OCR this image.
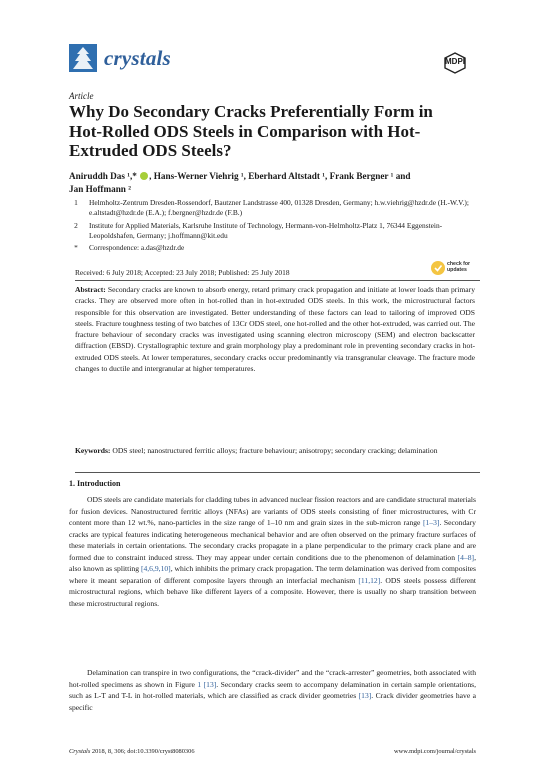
crystals	MDPI
Article
Why Do Secondary Cracks Preferentially Form in Hot-Rolled ODS Steels in Comparison with Hot-Extruded ODS Steels?
Aniruddh Das ¹,* , Hans-Werner Viehrig ¹, Eberhard Altstadt ¹, Frank Bergner ¹ and
Jan Hoffmann ²
1	Helmholtz-Zentrum Dresden-Rossendorf, Bautzner Landstrasse 400, 01328 Dresden, Germany; h.w.viehrig@hzdr.de (H.-W.V.); e.altstadt@hzdr.de (E.A.); f.bergner@hzdr.de (F.B.)
2	Institute for Applied Materials, Karlsruhe Institute of Technology, Hermann-von-Helmholtz-Platz 1, 76344 Eggenstein-Leopoldshafen, Germany; j.hoffmann@kit.edu
*	Correspondence: a.das@hzdr.de
check for updates
Received: 6 July 2018; Accepted: 23 July 2018; Published: 25 July 2018
Abstract: Secondary cracks are known to absorb energy, retard primary crack propagation and initiate at lower loads than primary cracks. They are observed more often in hot-rolled than in hot-extruded ODS steels. In this work, the microstructural factors responsible for this observation are investigated. Better understanding of these factors can lead to tailoring of improved ODS steels. Fracture toughness testing of two batches of 13Cr ODS steel, one hot-rolled and the other hot-extruded, was carried out. The fracture behaviour of secondary cracks was investigated using scanning electron microscopy (SEM) and electron backscatter diffraction (EBSD). Crystallographic texture and grain morphology play a predominant role in preventing secondary cracks in hot-extruded ODS steels. At lower temperatures, secondary cracks occur predominantly via transgranular cleavage. The fracture mode changes to ductile and intergranular at higher temperatures.
Keywords: ODS steel; nanostructured ferritic alloys; fracture behaviour; anisotropy; secondary cracking; delamination
1. Introduction
ODS steels are candidate materials for cladding tubes in advanced nuclear fission reactors and are candidate structural materials for fusion devices. Nanostructured ferritic alloys (NFAs) are variants of ODS steels consisting of finer microstructures, with Cr content more than 12 wt.%, nano-particles in the size range of 1–10 nm and grain sizes in the sub-micron range [1–3]. Secondary cracks are typical features indicating heterogeneous mechanical behavior and are often observed on the primary fracture surfaces of these materials in certain orientations. The secondary cracks propagate in a plane perpendicular to the primary crack plane and are formed due to constraint induced stress. They may appear under certain conditions due to the phenomenon of delamination [4–8], also known as splitting [4,6,9,10], which inhibits the primary crack propagation. The term delamination was derived from composites where it meant separation of different composite layers through an interfacial mechanism [11,12]. ODS steels possess different microstructural regions, which behave like different layers of a composite. However, there is usually no sharp transition between these microstructural regions.
Delamination can transpire in two configurations, the “crack-divider” and the “crack-arrester” geometries, both associated with hot-rolled specimens as shown in Figure 1 [13]. Secondary cracks seem to accompany delamination in certain sample orientations, such as L-T and T-L in hot-rolled materials, which are classified as crack divider geometries [13]. Crack divider geometries have a specific
Crystals 2018, 8, 306; doi:10.3390/cryst8080306	www.mdpi.com/journal/crystals
